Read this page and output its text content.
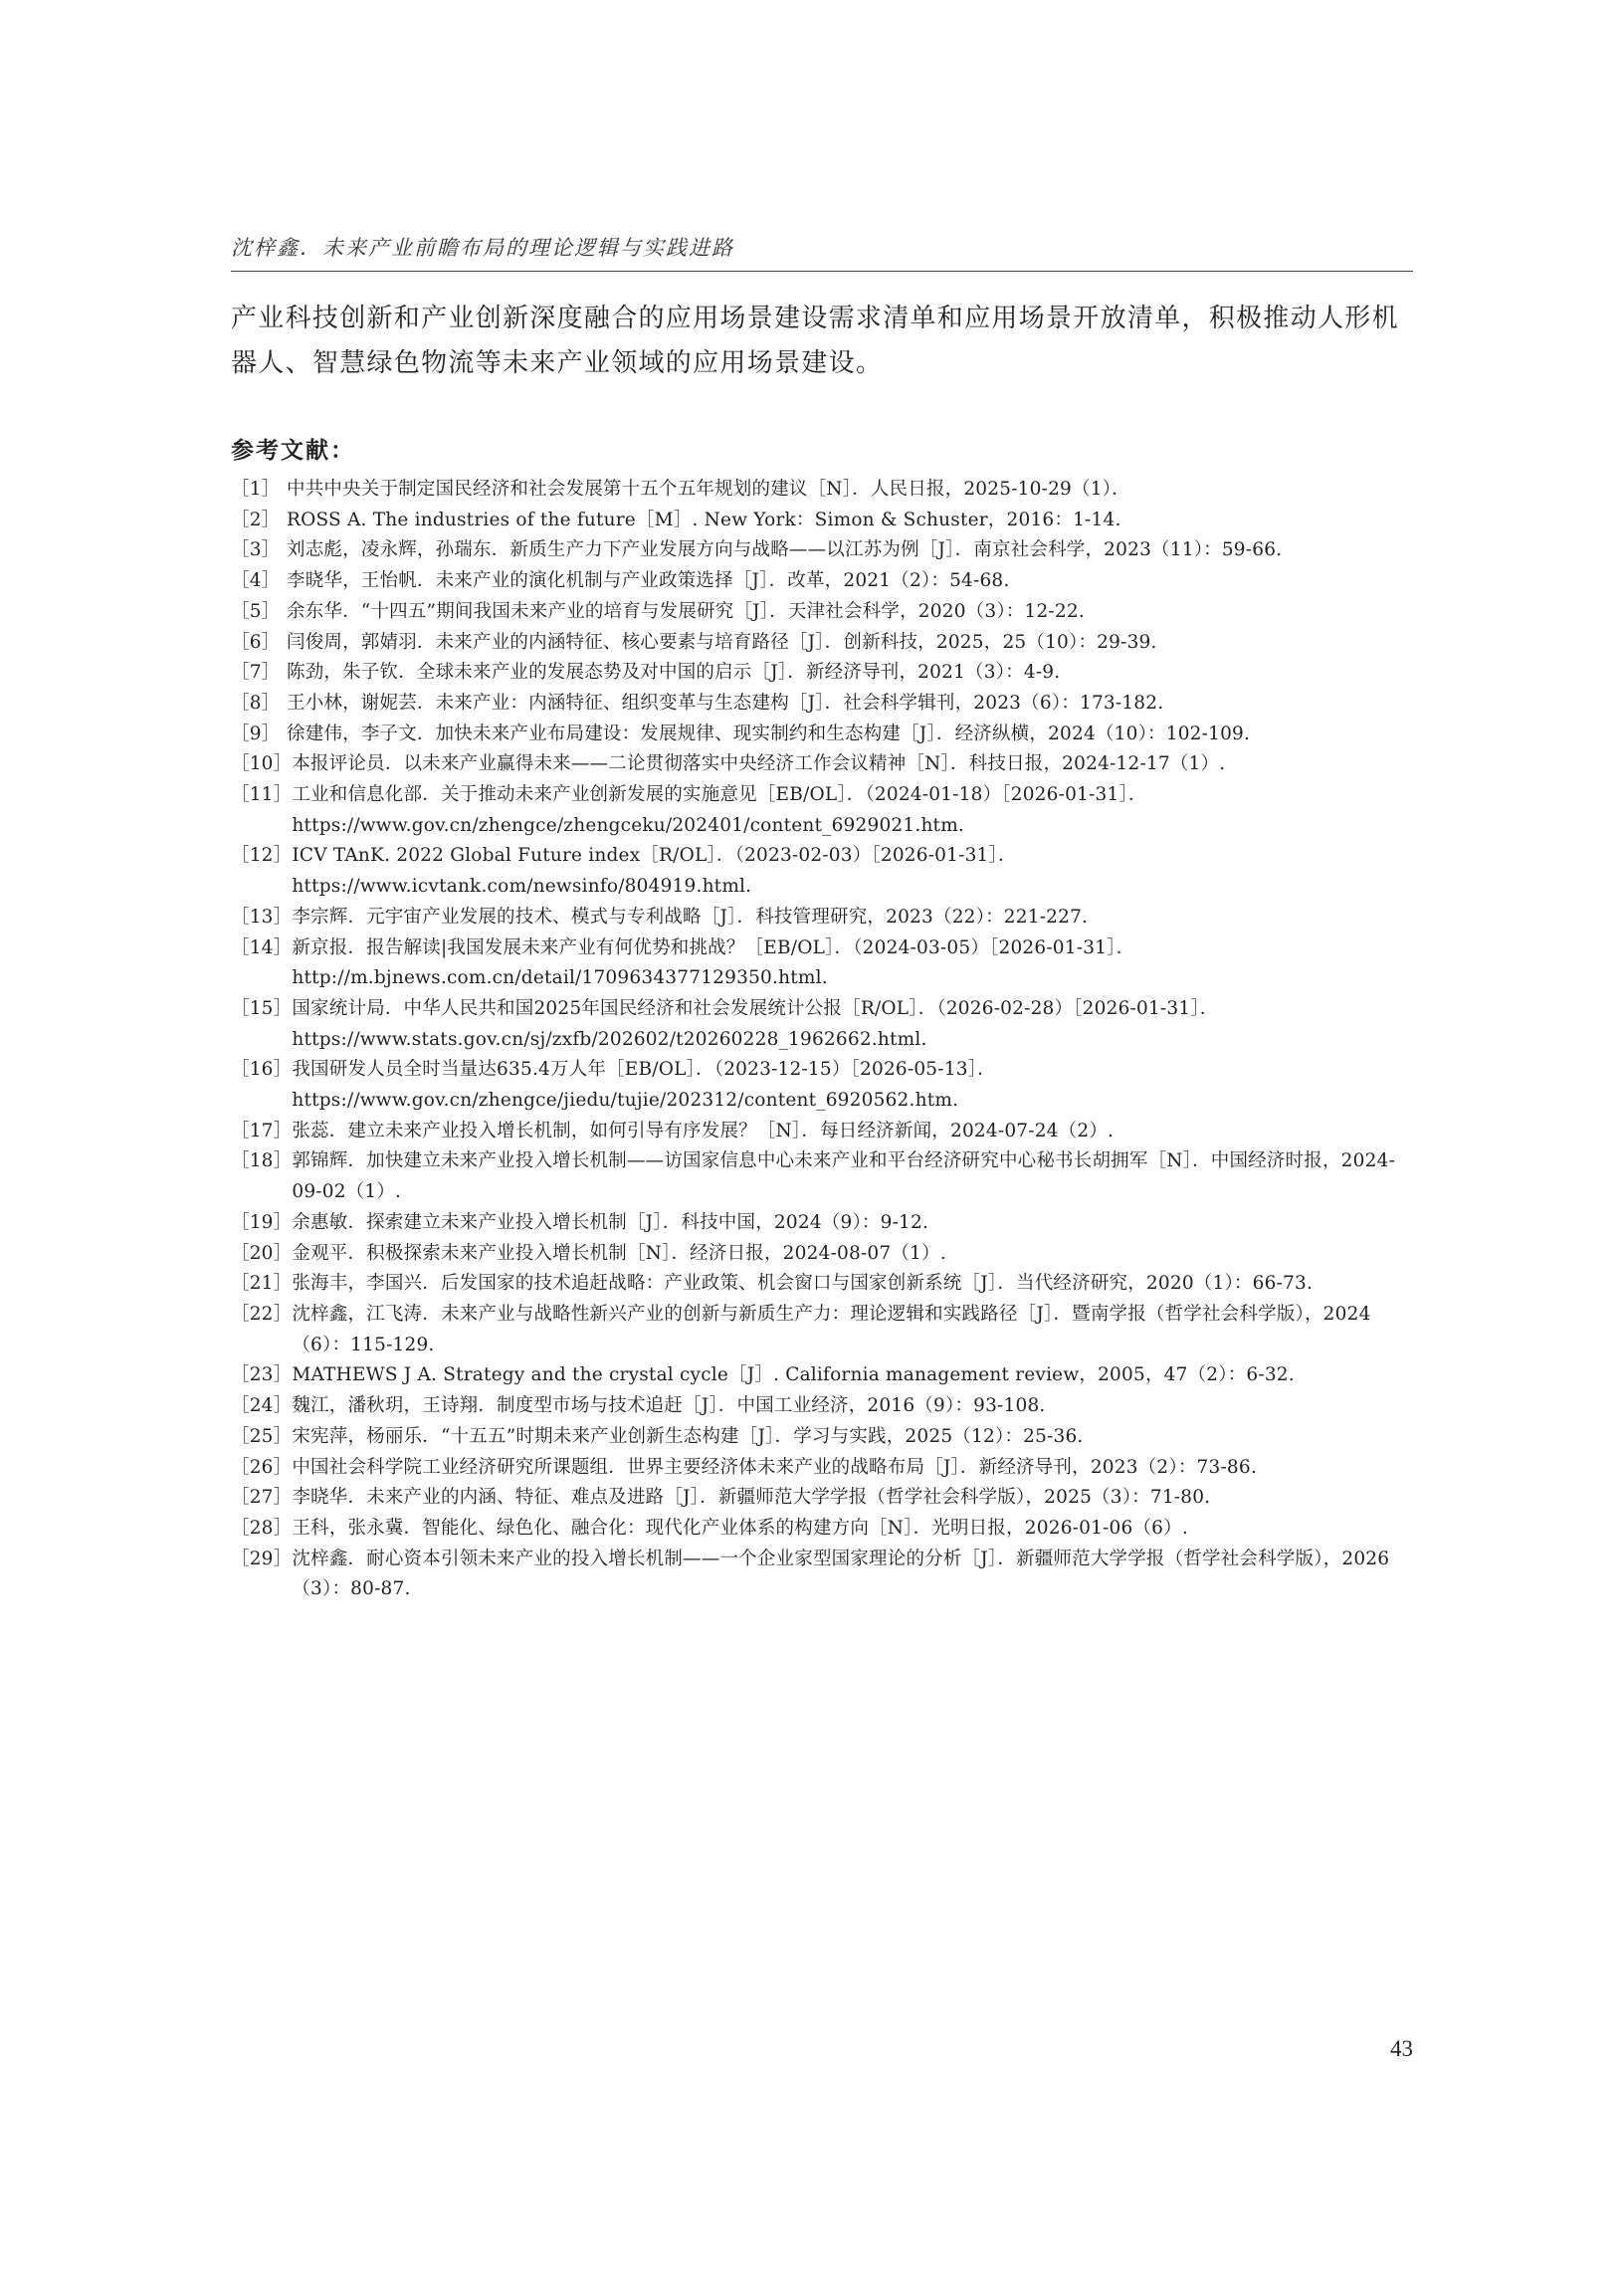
沈梓鑫．未来产业前瞻布局的理论逻辑与实践进路

产业科技创新和产业创新深度融合的应用场景建设需求清单和应用场景开放清单，积极推动人形机器人、智慧绿色物流等未来产业领域的应用场景建设。

参考文献：
［1］ 中共中央关于制定国民经济和社会发展第十五个五年规划的建议［N］．人民日报，2025-10-29（1）．
［2］ ROSS A. The industries of the future［M］. New York：Simon & Schuster，2016：1-14.
［3］ 刘志彪，凌永辉，孙瑞东．新质生产力下产业发展方向与战略——以江苏为例［J］．南京社会科学，2023（11）：59-66.
［4］ 李晓华，王怡帆．未来产业的演化机制与产业政策选择［J］．改革，2021（2）：54-68.
［5］ 余东华．“十四五”期间我国未来产业的培育与发展研究［J］．天津社会科学，2020（3）：12-22.
［6］ 闫俊周，郭婧羽．未来产业的内涵特征、核心要素与培育路径［J］．创新科技，2025，25（10）：29-39.
［7］ 陈劲，朱子钦．全球未来产业的发展态势及对中国的启示［J］．新经济导刊，2021（3）：4-9.
［8］ 王小林，谢妮芸．未来产业：内涵特征、组织变革与生态建构［J］．社会科学辑刊，2023（6）：173-182.
［9］ 徐建伟，李子文．加快未来产业布局建设：发展规律、现实制约和生态构建［J］．经济纵横，2024（10）：102-109.
［10］ 本报评论员．以未来产业赢得未来——二论贯彻落实中央经济工作会议精神［N］．科技日报，2024-12-17（1）.
［11］ 工业和信息化部．关于推动未来产业创新发展的实施意见［EB/OL］．（2024-01-18）［2026-01-31］．https://www.gov.cn/zhengce/zhengceku/202401/content_6929021.htm.
［12］ ICV TAnK. 2022 Global Future index［R/OL］．（2023-02-03）［2026-01-31］．https://www.icvtank.com/newsinfo/804919.html.
［13］ 李宗辉．元宇宙产业发展的技术、模式与专利战略［J］．科技管理研究，2023（22）：221-227.
［14］ 新京报．报告解读|我国发展未来产业有何优势和挑战？［EB/OL］．（2024-03-05）［2026-01-31］．http://m.bjnews.com.cn/detail/1709634377129350.html.
［15］ 国家统计局．中华人民共和国2025年国民经济和社会发展统计公报［R/OL］．（2026-02-28）［2026-01-31］．https://www.stats.gov.cn/sj/zxfb/202602/t20260228_1962662.html.
［16］ 我国研发人员全时当量达635.4万人年［EB/OL］．（2023-12-15）［2026-05-13］．https://www.gov.cn/zhengce/jiedu/tujie/202312/content_6920562.htm.
［17］ 张蕊．建立未来产业投入增长机制，如何引导有序发展？［N］．每日经济新闻，2024-07-24（2）.
［18］ 郭锦辉．加快建立未来产业投入增长机制——访国家信息中心未来产业和平台经济研究中心秘书长胡拥军［N］．中国经济时报，2024-09-02（1）.
［19］ 余惠敏．探索建立未来产业投入增长机制［J］．科技中国，2024（9）：9-12.
［20］ 金观平．积极探索未来产业投入增长机制［N］．经济日报，2024-08-07（1）.
［21］ 张海丰，李国兴．后发国家的技术追赶战略：产业政策、机会窗口与国家创新系统［J］．当代经济研究，2020（1）：66-73.
［22］ 沈梓鑫，江飞涛．未来产业与战略性新兴产业的创新与新质生产力：理论逻辑和实践路径［J］．暨南学报（哲学社会科学版），2024（6）：115-129.
［23］ MATHEWS J A. Strategy and the crystal cycle［J］. California management review，2005，47（2）：6-32.
［24］ 魏江，潘秋玥，王诗翔．制度型市场与技术追赶［J］．中国工业经济，2016（9）：93-108.
［25］ 宋宪萍，杨丽乐．“十五五”时期未来产业创新生态构建［J］．学习与实践，2025（12）：25-36.
［26］ 中国社会科学院工业经济研究所课题组．世界主要经济体未来产业的战略布局［J］．新经济导刊，2023（2）：73-86.
［27］ 李晓华．未来产业的内涵、特征、难点及进路［J］．新疆师范大学学报（哲学社会科学版），2025（3）：71-80.
［28］ 王科，张永冀．智能化、绿色化、融合化：现代化产业体系的构建方向［N］．光明日报，2026-01-06（6）.
［29］ 沈梓鑫．耐心资本引领未来产业的投入增长机制——一个企业家型国家理论的分析［J］．新疆师范大学学报（哲学社会科学版），2026（3）：80-87.
43
